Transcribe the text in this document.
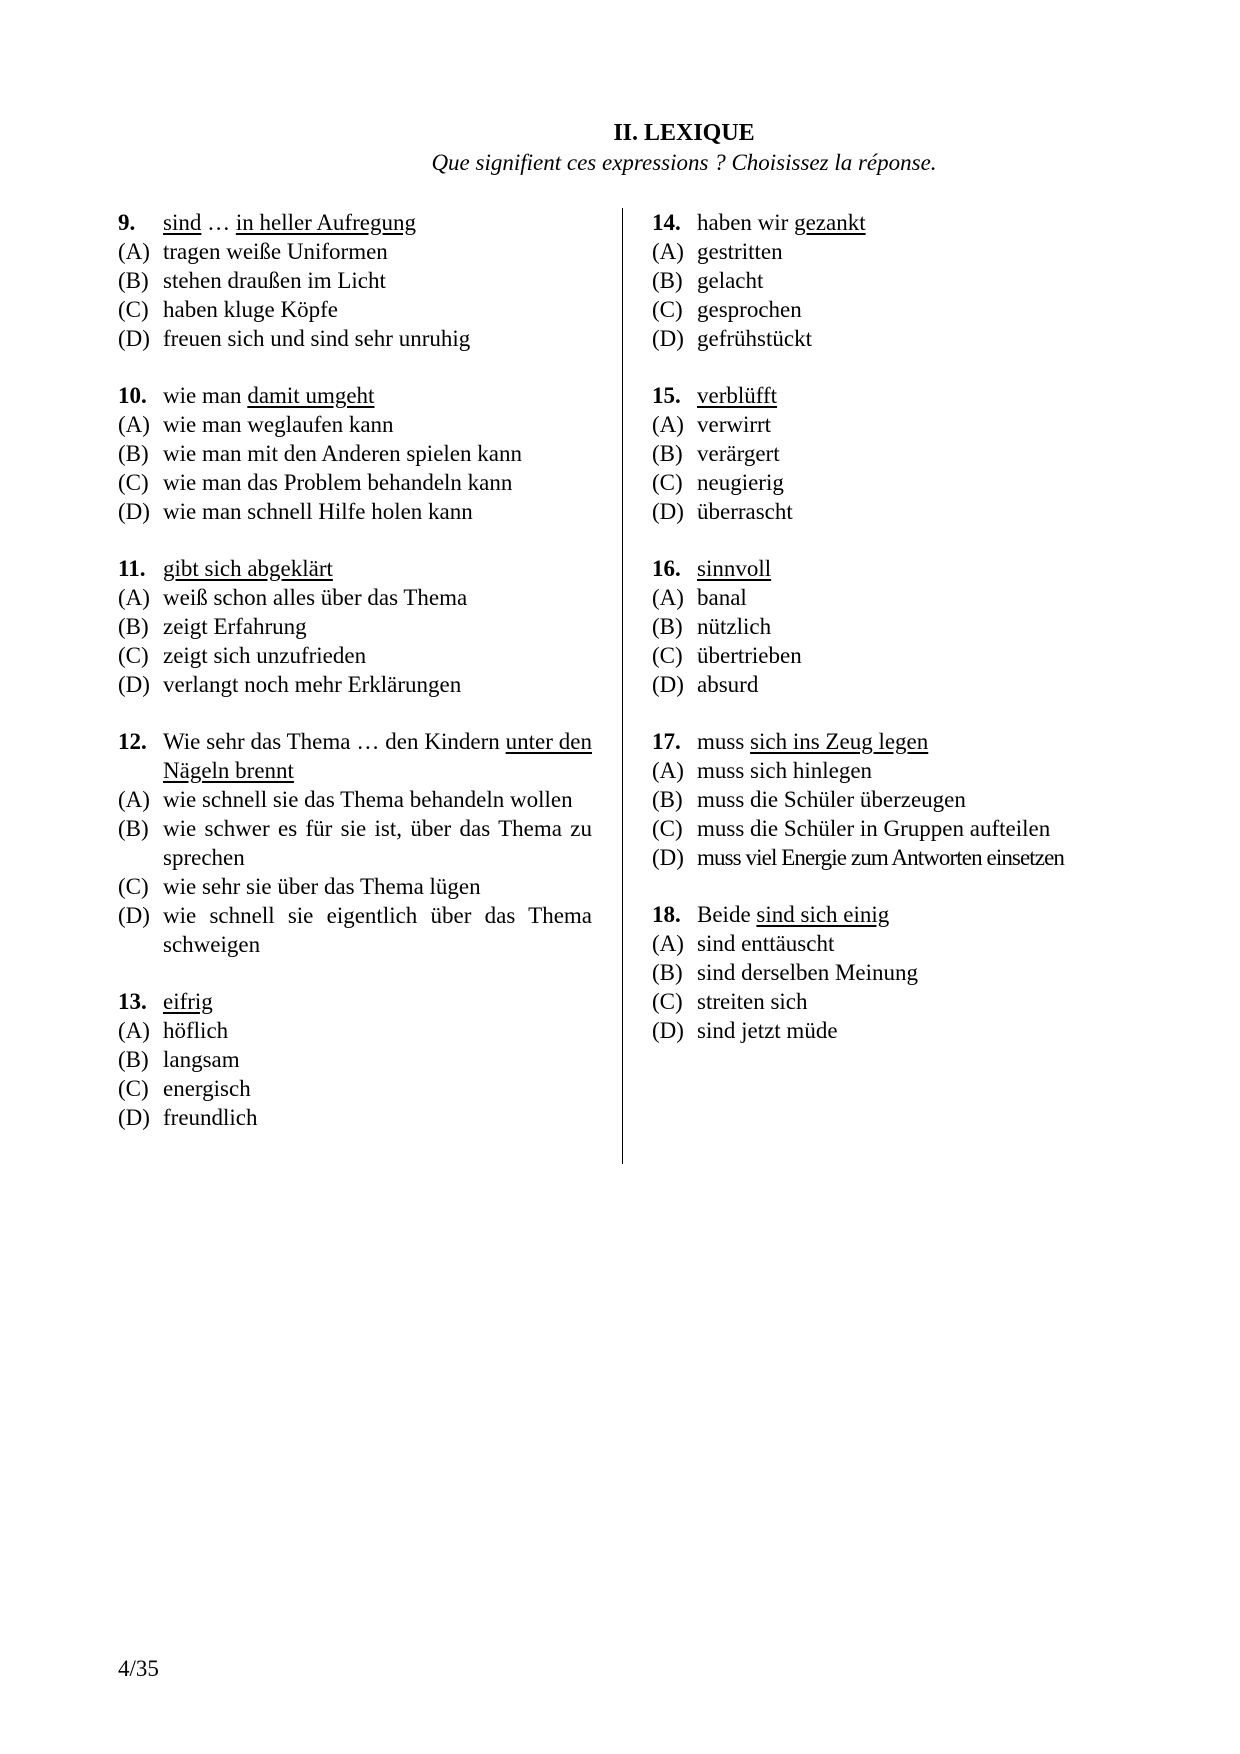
II. LEXIQUE
Que signifient ces expressions ? Choisissez la réponse.
9.	sind … in heller Aufregung
(A) tragen weiße Uniformen
(B) stehen draußen im Licht
(C) haben kluge Köpfe
(D) freuen sich und sind sehr unruhig
10. wie man damit umgeht
(A) wie man weglaufen kann
(B) wie man mit den Anderen spielen kann
(C) wie man das Problem behandeln kann
(D) wie man schnell Hilfe holen kann
11. gibt sich abgeklärt
(A) weiß schon alles über das Thema
(B) zeigt Erfahrung
(C) zeigt sich unzufrieden
(D) verlangt noch mehr Erklärungen
12. Wie sehr das Thema … den Kindern unter den Nägeln brennt
(A) wie schnell sie das Thema behandeln wollen
(B) wie schwer es für sie ist, über das Thema zu sprechen
(C) wie sehr sie über das Thema lügen
(D) wie schnell sie eigentlich über das Thema schweigen
13. eifrig
(A) höflich
(B) langsam
(C) energisch
(D) freundlich
14. haben wir gezankt
(A) gestritten
(B) gelacht
(C) gesprochen
(D) gefrühstückt
15. verblüfft
(A) verwirrt
(B) verärgert
(C) neugierig
(D) überrascht
16. sinnvoll
(A) banal
(B) nützlich
(C) übertrieben
(D) absurd
17. muss sich ins Zeug legen
(A) muss sich hinlegen
(B) muss die Schüler überzeugen
(C) muss die Schüler in Gruppen aufteilen
(D) muss viel Energie zum Antworten einsetzen
18. Beide sind sich einig
(A) sind enttäuscht
(B) sind derselben Meinung
(C) streiten sich
(D) sind jetzt müde
4/35
